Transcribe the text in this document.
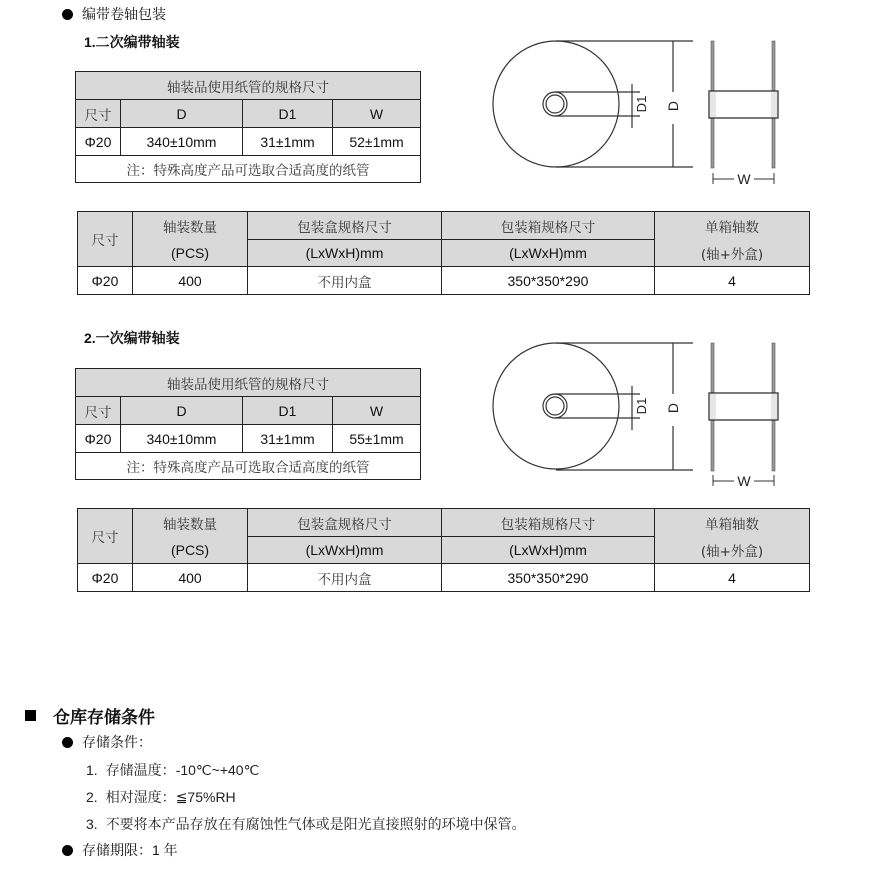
编带卷轴包装
1.二次编带轴装
轴装品使用纸管的规格尺寸			
尺寸	D	D1	W
Φ20	340±10mm	31±1mm	52±1mm
注：特殊高度产品可选取合适高度的纸管			
D1 D
W
尺寸	轴装数量	包装盒规格尺寸	包装箱规格尺寸	单箱轴数
	(PCS)	(LxWxH)mm	(LxWxH)mm	(轴+外盒)
Φ20	400	不用内盒	350*350*290	4
2.一次编带轴装
轴装品使用纸管的规格尺寸			
尺寸	D	D1	W
Φ20	340±10mm	31±1mm	55±1mm
注：特殊高度产品可选取合适高度的纸管			
D1 D
W
尺寸	轴装数量	包装盒规格尺寸	包装箱规格尺寸	单箱轴数
	(PCS)	(LxWxH)mm	(LxWxH)mm	(轴+外盒)
Φ20	400	不用内盒	350*350*290	4
仓库存储条件
存储条件：
1. 存储温度：-10℃~+40℃
2. 相对湿度：≦75%RH
3. 不要将本产品存放在有腐蚀性气体或是阳光直接照射的环境中保管。
存储期限： 1 年
